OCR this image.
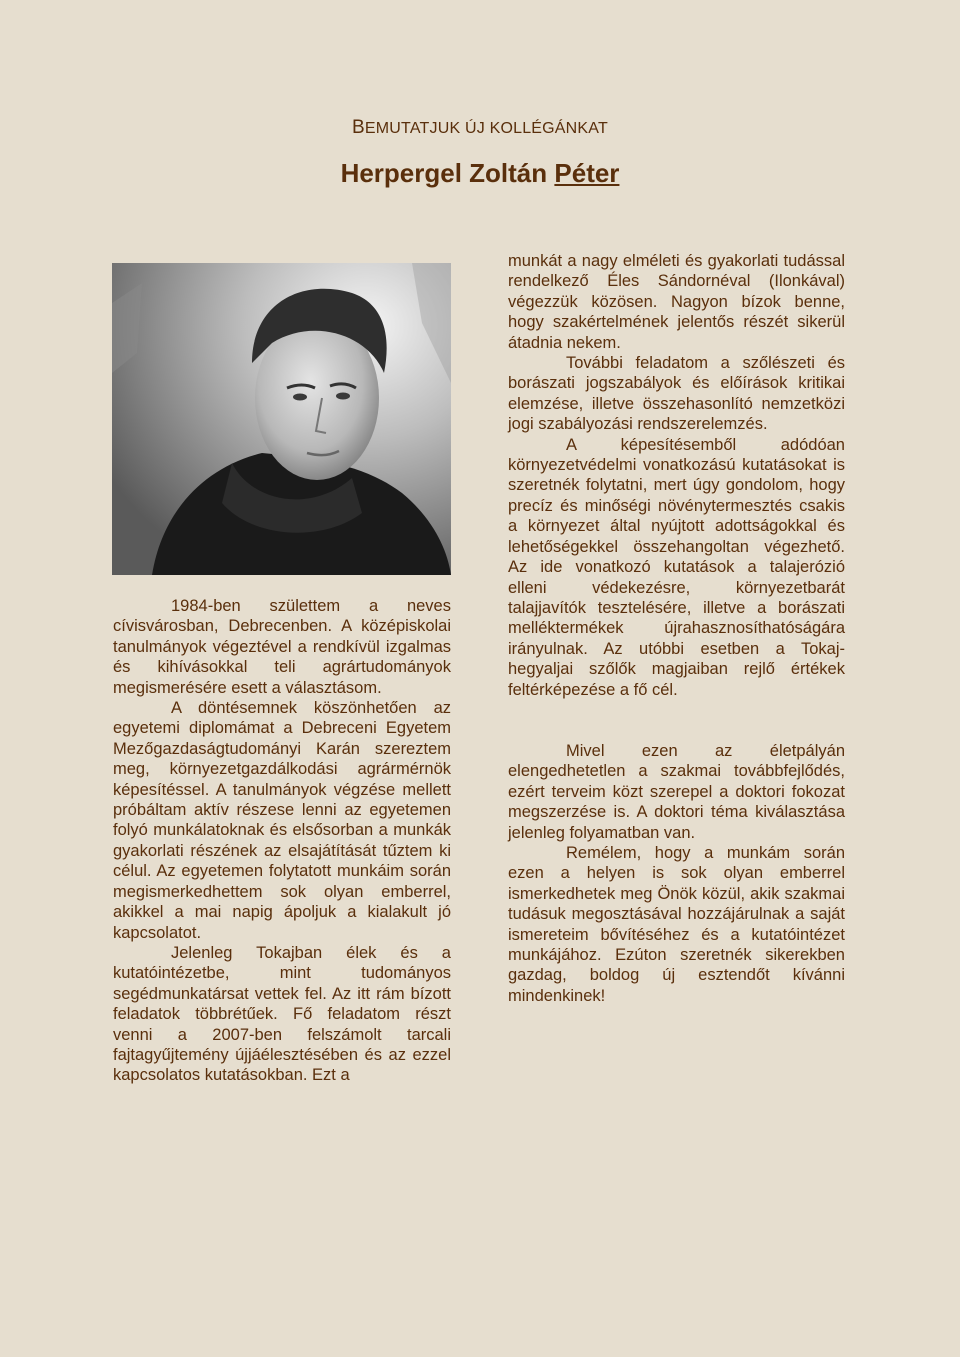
BEMUTATJUK ÚJ KOLLÉGÁNKAT
Herpergel Zoltán Péter

1984-ben születtem a neves cívisvárosban, Debrecenben. A középiskolai tanulmányok végeztével a rendkívül izgalmas és kihívásokkal teli agrártudományok megismerésére esett a választásom.

A döntésemnek köszönhetően az egyetemi diplomámat a Debreceni Egyetem Mezőgazdaságtudományi Karán szereztem meg, környezetgazdálkodási agrármérnök képesítéssel. A tanulmányok végzése mellett próbáltam aktív részese lenni az egyetemen folyó munkálatoknak és elsősorban a munkák gyakorlati részének az elsajátítását tűztem ki célul. Az egyetemen folytatott munkáim során megismerkedhettem sok olyan emberrel, akikkel a mai napig ápoljuk a kialakult jó kapcsolatot.

Jelenleg Tokajban élek és a kutatóintézetbe, mint tudományos segédmunkatársat vettek fel. Az itt rám bízott feladatok többrétűek. Fő feladatom részt venni a 2007-ben felszámolt tarcali fajtagyűjtemény újjáélesztésében és az ezzel kapcsolatos kutatásokban. Ezt a

munkát a nagy elméleti és gyakorlati tudással rendelkező Éles Sándornéval (Ilonkával) végezzük közösen. Nagyon bízok benne, hogy szakértelmének jelentős részét sikerül átadnia nekem.

További feladatom a szőlészeti és borászati jogszabályok és előírások kritikai elemzése, illetve összehasonlító nemzetközi jogi szabályozási rendszerelemzés.

A képesítésemből adódóan környezetvédelmi vonatkozású kutatásokat is szeretnék folytatni, mert úgy gondolom, hogy precíz és minőségi növénytermesztés csakis a környezet által nyújtott adottságokkal és lehetőségekkel összehangoltan végezhető. Az ide vonatkozó kutatások a talajerózió elleni védekezésre, környezetbarát talajjavítók tesztelésére, illetve a borászati melléktermékek újrahasznosíthatóságára irányulnak. Az utóbbi esetben a Tokaj-hegyaljai szőlők magjaiban rejlő értékek feltérképezése a fő cél.

Mivel ezen az életpályán elengedhetetlen a szakmai továbbfejlődés, ezért terveim közt szerepel a doktori fokozat megszerzése is. A doktori téma kiválasztása jelenleg folyamatban van.

Remélem, hogy a munkám során ezen a helyen is sok olyan emberrel ismerkedhetek meg Önök közül, akik szakmai tudásuk megosztásával hozzájárulnak a saját ismereteim bővítéséhez és a kutatóintézet munkájához. Ezúton szeretnék sikerekben gazdag, boldog új esztendőt kívánni mindenkinek!
